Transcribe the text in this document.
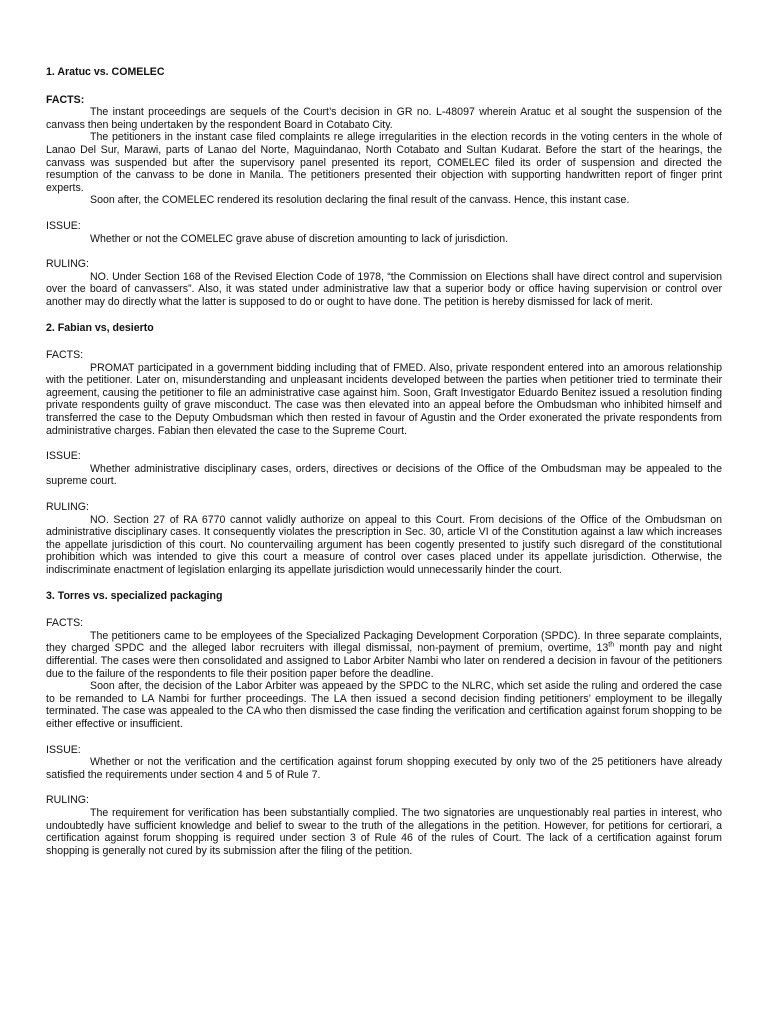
1. Aratuc vs. COMELEC
FACTS:

The instant proceedings are sequels of the Court’s decision in GR no. L-48097 wherein Aratuc et al sought the suspension of the canvass then being undertaken by the respondent Board in Cotabato City.

The petitioners in the instant case filed complaints re allege irregularities in the election records in the voting centers in the whole of Lanao Del Sur, Marawi, parts of Lanao del Norte, Maguindanao, North Cotabato and Sultan Kudarat. Before the start of the hearings, the canvass was suspended but after the supervisory panel presented its report, COMELEC filed its order of suspension and directed the resumption of the canvass to be done in Manila. The petitioners presented their objection with supporting handwritten report of finger print experts.

Soon after, the COMELEC rendered its resolution declaring the final result of the canvass. Hence, this instant case.

ISSUE:

Whether or not the COMELEC grave abuse of discretion amounting to lack of jurisdiction.

RULING:

NO. Under Section 168 of the Revised Election Code of 1978, “the Commission on Elections shall have direct control and supervision over the board of canvassers”. Also, it was stated under administrative law that a superior body or office having supervision or control over another may do directly what the latter is supposed to do or ought to have done. The petition is hereby dismissed for lack of merit.

2. Fabian vs, desierto
FACTS:

PROMAT participated in a government bidding including that of FMED. Also, private respondent entered into an amorous relationship with the petitioner. Later on, misunderstanding and unpleasant incidents developed between the parties when petitioner tried to terminate their agreement, causing the petitioner to file an administrative case against him. Soon, Graft Investigator Eduardo Benitez issued a resolution finding private respondents guilty of grave misconduct. The case was then elevated into an appeal before the Ombudsman who inhibited himself and transferred the case to the Deputy Ombudsman which then rested in favour of Agustin and the Order exonerated the private respondents from administrative charges. Fabian then elevated the case to the Supreme Court.

ISSUE:

Whether administrative disciplinary cases, orders, directives or decisions of the Office of the Ombudsman may be appealed to the supreme court.

RULING:

NO. Section 27 of RA 6770 cannot validly authorize on appeal to this Court. From decisions of the Office of the Ombudsman on administrative disciplinary cases. It consequently violates the prescription in Sec. 30, article VI of the Constitution against a law which increases the appellate jurisdiction of this court. No countervailing argument has been cogently presented to justify such disregard of the constitutional prohibition which was intended to give this court a measure of control over cases placed under its appellate jurisdiction. Otherwise, the indiscriminate enactment of legislation enlarging its appellate jurisdiction would unnecessarily hinder the court.

3. Torres vs. specialized packaging
FACTS:

The petitioners came to be employees of the Specialized Packaging Development Corporation (SPDC). In three separate complaints, they charged SPDC and the alleged labor recruiters with illegal dismissal, non-payment of premium, overtime, 13th month pay and night differential. The cases were then consolidated and assigned to Labor Arbiter Nambi who later on rendered a decision in favour of the petitioners due to the failure of the respondents to file their position paper before the deadline.

Soon after, the decision of the Labor Arbiter was appeaed by the SPDC to the NLRC, which set aside the ruling and ordered the case to be remanded to LA Nambi for further proceedings. The LA then issued a second decision finding petitioners’ employment to be illegally terminated. The case was appealed to the CA who then dismissed the case finding the verification and certification against forum shopping to be either effective or insufficient.

ISSUE:

Whether or not the verification and the certification against forum shopping executed by only two of the 25 petitioners have already satisfied the requirements under section 4 and 5 of Rule 7.

RULING:

The requirement for verification has been substantially complied. The two signatories are unquestionably real parties in interest, who undoubtedly have sufficient knowledge and belief to swear to the truth of the allegations in the petition. However, for petitions for certiorari, a certification against forum shopping is required under section 3 of Rule 46 of the rules of Court. The lack of a certification against forum shopping is generally not cured by its submission after the filing of the petition.
